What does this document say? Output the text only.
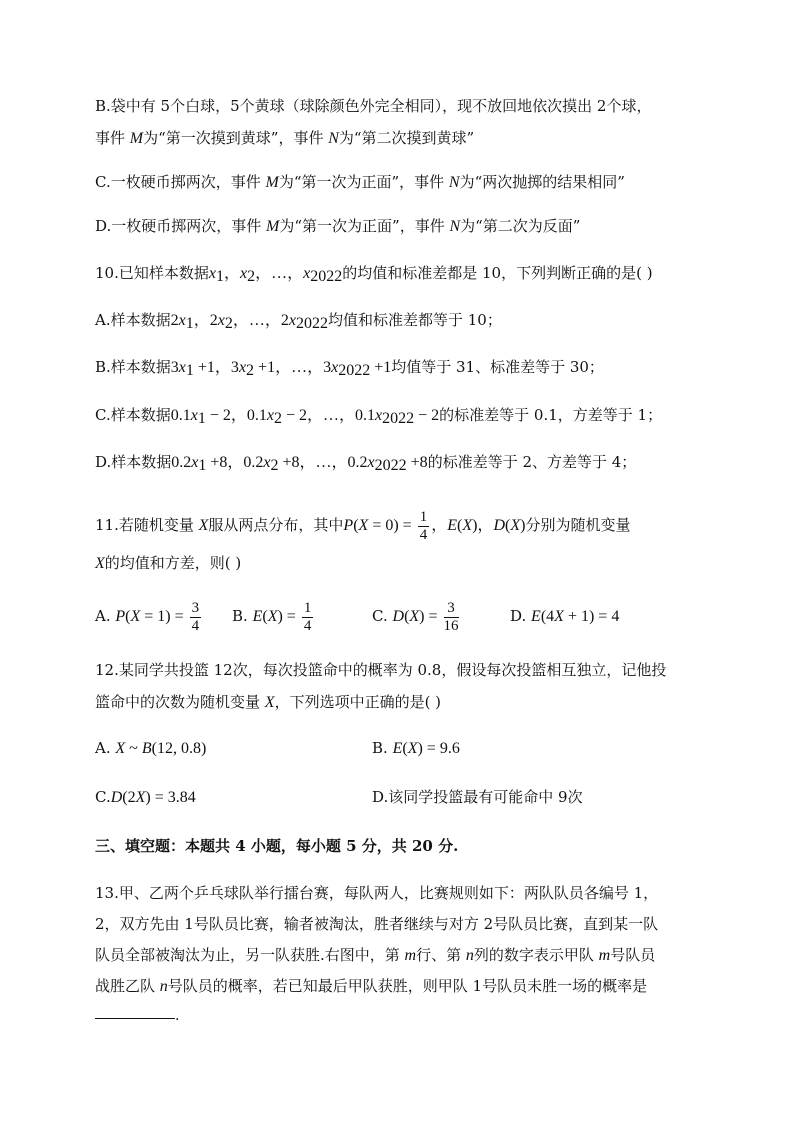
B.袋中有 5个白球，5个黄球（球除颜色外完全相同），现不放回地依次摸出 2个球，
事件 M为“第一次摸到黄球”，事件 N为“第二次摸到黄球”
C.一枚硬币掷两次，事件 M为“第一次为正面”，事件 N为“两次抛掷的结果相同”
D.一枚硬币掷两次，事件 M为“第一次为正面”，事件 N为“第二次为反面”
10.已知样本数据$x_1$，$x_2$，…，$x_{2022}$的均值和标准差都是 10，下列判断正确的是( )
A.样本数据$2x_1$，$2x_2$，…，$2x_{2022}$均值和标准差都等于 10；
B.样本数据$3x_1 +1$，$3x_2 +1$，…，$3x_{2022} +1$均值等于 31、标准差等于 30；
C.样本数据$0.1x_1 - 2$，$0.1x_2 - 2$，…，$0.1x_{2022} - 2$的标准差等于 0.1，方差等于 1；
D.样本数据$0.2x_1 +8$，$0.2x_2 +8$，…，$0.2x_{2022} +8$的标准差等于 2、方差等于 4；
11.若随机变量 X服从两点分布，其中$P(X = 0) = \frac{1}{4}$ ，E(X)，D(X)分别为随机变量
X的均值和方差，则( )
A. $P(X = 1) = \frac{3}{4} B$. $E(X) = \frac{1}{4}$	C. $D(X) = \frac{3}{16}$	D. E(4X + 1) = 4
12.某同学共投篮 12次，每次投篮命中的概率为 0.8，假设每次投篮相互独立，记他投
篮命中的次数为随机变量 X，下列选项中正确的是( )
A. X ~ B(12, 0.8)	B. E(X) = 9.6
C.D(2X) = 3.84	D.该同学投篮最有可能命中 9次
三、填空题：本题共 4 小题，每小题 5 分，共 20 分.
13.甲、乙两个乒乓球队举行擂台赛，每队两人，比赛规则如下：两队队员各编号 1，
2，双方先由 1号队员比赛，输者被淘汰，胜者继续与对方 2号队员比赛，直到某一队
队员全部被淘汰为止，另一队获胜.右图中，第 m行、第 n列的数字表示甲队 m号队员
战胜乙队 n号队员的概率，若已知最后甲队获胜，则甲队 1号队员未胜一场的概率是
.
